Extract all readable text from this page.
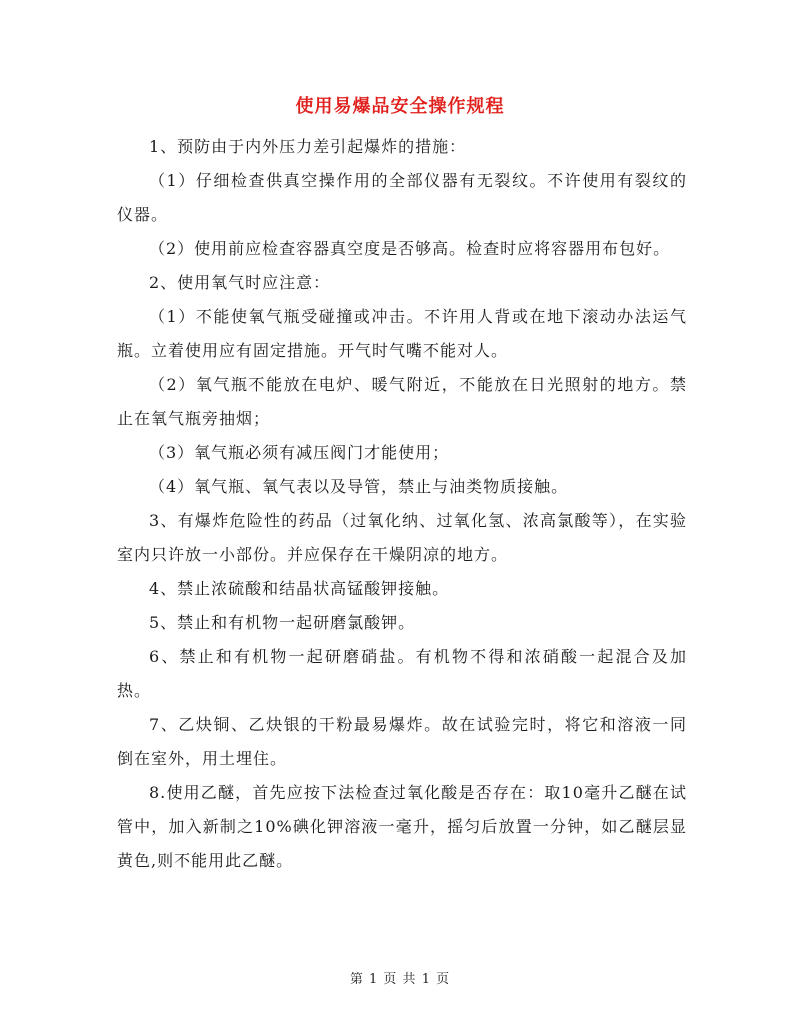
使用易爆品安全操作规程

1、预防由于内外压力差引起爆炸的措施：

（1）仔细检查供真空操作用的全部仪器有无裂纹。不许使用有裂纹的仪器。

（2）使用前应检查容器真空度是否够高。检查时应将容器用布包好。

2、使用氧气时应注意：

（1）不能使氧气瓶受碰撞或冲击。不许用人背或在地下滚动办法运气瓶。立着使用应有固定措施。开气时气嘴不能对人。

（2）氧气瓶不能放在电炉、暖气附近，不能放在日光照射的地方。禁止在氧气瓶旁抽烟；

（3）氧气瓶必须有减压阀门才能使用；

（4）氧气瓶、氧气表以及导管，禁止与油类物质接触。

3、有爆炸危险性的药品（过氧化纳、过氧化氢、浓高氯酸等），在实验室内只许放一小部份。并应保存在干燥阴凉的地方。

4、禁止浓硫酸和结晶状高锰酸钾接触。

5、禁止和有机物一起研磨氯酸钾。

6、禁止和有机物一起研磨硝盐。有机物不得和浓硝酸一起混合及加热。

7、乙炔铜、乙炔银的干粉最易爆炸。故在试验完时，将它和溶液一同倒在室外，用土埋住。

8.使用乙醚，首先应按下法检查过氧化酸是否存在：取10毫升乙醚在试管中，加入新制之10%碘化钾溶液一毫升，摇匀后放置一分钟，如乙醚层显黄色,则不能用此乙醚。

第 1 页 共 1 页
